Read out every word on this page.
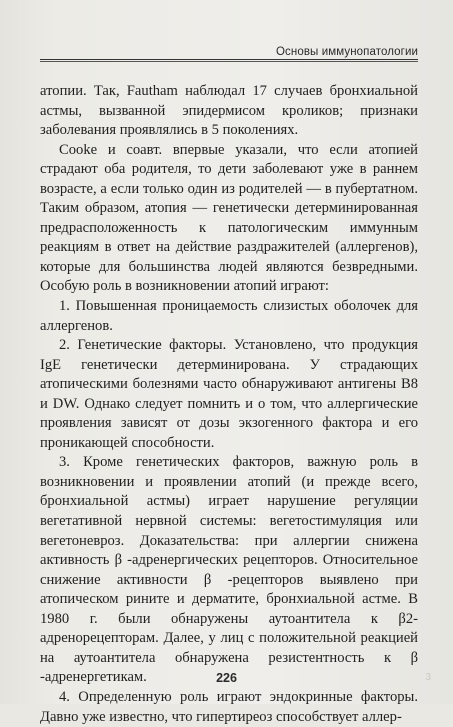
Основы иммунопатологии

атопии. Так, Fautham наблюдал 17 случаев бронхиальной астмы, вызванной эпидермисом кроликов; признаки заболевания проявлялись в 5 поколениях.

Cooke и соавт. впервые указали, что если атопией страдают оба родителя, то дети заболевают уже в раннем возрасте, а если только один из родителей — в пубертатном. Таким образом, атопия — генетически детерминированная предрасположенность к патологическим иммунным реакциям в ответ на действие раздражителей (аллергенов), которые для большинства людей являются безвредными. Особую роль в возникновении атопий играют:

1. Повышенная проницаемость слизистых оболочек для аллергенов.

2. Генетические факторы. Установлено, что продукция IgE генетически детерминирована. У страдающих атопическими болезнями часто обнаруживают антигены B8 и DW. Однако следует помнить и о том, что аллергические проявления зависят от дозы экзогенного фактора и его проникающей способности.

3. Кроме генетических факторов, важную роль в возникновении и проявлении атопий (и прежде всего, бронхиальной астмы) играет нарушение регуляции вегетативной нервной системы: вегетостимуляция или вегетоневроз. Доказательства: при аллергии снижена активность β -адренергических рецепторов. Относительное снижение активности β -рецепторов выявлено при атопическом рините и дерматите, бронхиальной астме. В 1980 г. были обнаружены аутоантитела к β2-адренорецепторам. Далее, у лиц с положительной реакцией на аутоантитела обнаружена резистентность к β -адренергетикам.

4. Определенную роль играют эндокринные факторы. Давно уже известно, что гипертиреоз способствует аллер-

226	3
